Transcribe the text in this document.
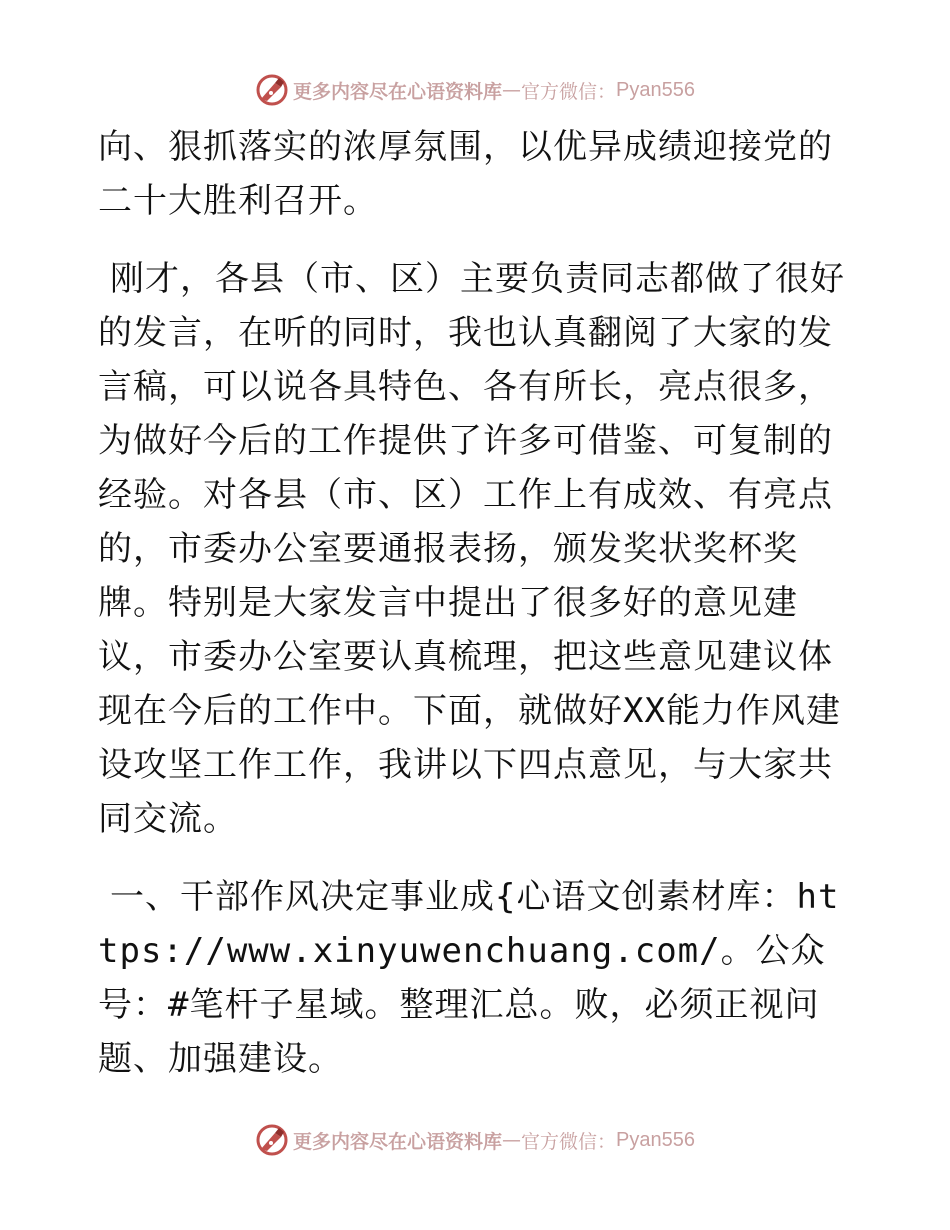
更多内容尽在心语资料库 — 官方微信： Pyan556

向、狠抓落实的浓厚氛围，以优异成绩迎接党的二十大胜利召开。

刚才，各县（市、区）主要负责同志都做了很好的发言，在听的同时，我也认真翻阅了大家的发言稿，可以说各具特色、各有所长，亮点很多，为做好今后的工作提供了许多可借鉴、可复制的经验。对各县（市、区）工作上有成效、有亮点的，市委办公室要通报表扬，颁发奖状奖杯奖牌。特别是大家发言中提出了很多好的意见建议，市委办公室要认真梳理，把这些意见建议体现在今后的工作中。下面，就做好XX能力作风建设攻坚工作工作，我讲以下四点意见，与大家共同交流。

一、干部作风决定事业成{心语文创素材库：https://www.xinyuwenchuang.com/。公众号：#笔杆子星域。整理汇总。败，必须正视问题、加强建设。

更多内容尽在心语资料库 — 官方微信： Pyan556
